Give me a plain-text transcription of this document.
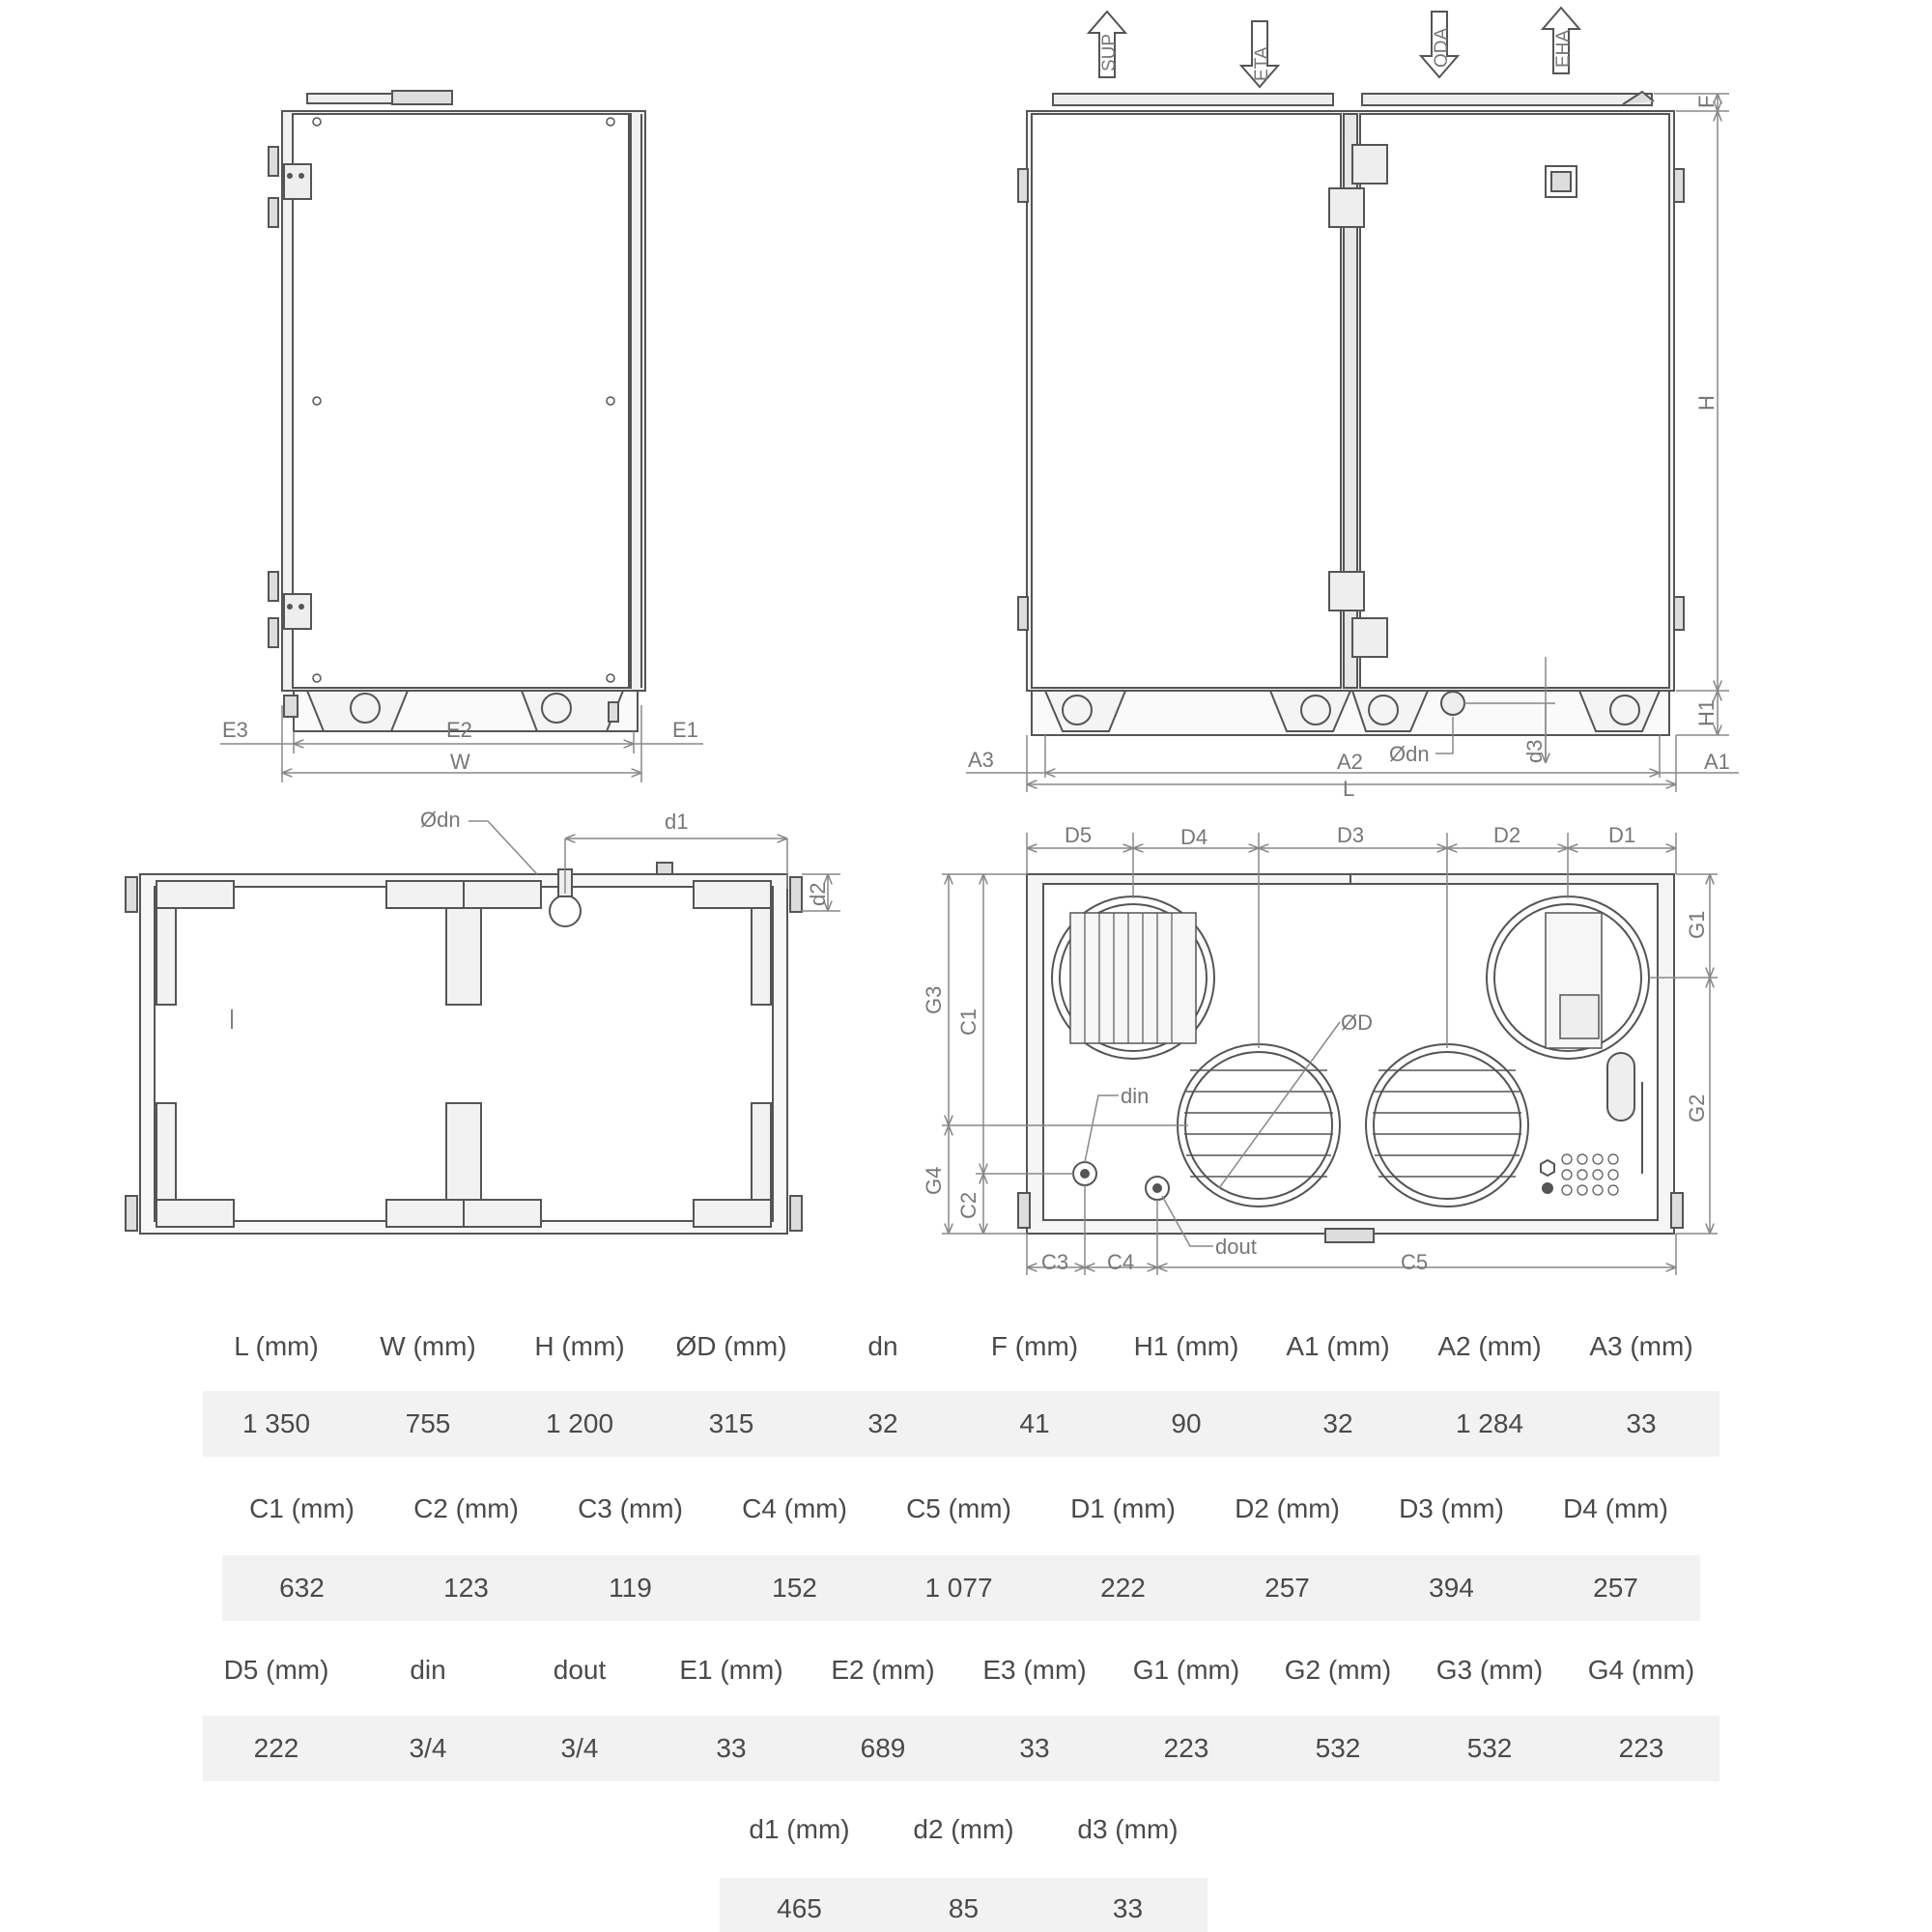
E3	E2	E1
W
SUP	ETA	ODA	EHA
F
H
H1
A3	A2	A1
L
Ødn	d3
Ødn	d1
d2
D5	D4	D3	D2	D1
G3
C1
G4
C2
G1
G2
ØD
din
dout
C3 C4	C5
L (mm)	W (mm)	H (mm)	ØD (mm)	dn	F (mm)	H1 (mm)	A1 (mm)	A2 (mm)	A3 (mm)
1 350	755	1 200	315	32	41	90	32	1 284	33
C1 (mm)	C2 (mm)	C3 (mm)	C4 (mm)	C5 (mm)	D1 (mm)	D2 (mm)	D3 (mm)	D4 (mm)
632	123	119	152	1 077	222	257	394	257
D5 (mm)	din	dout	E1 (mm)	E2 (mm)	E3 (mm)	G1 (mm)	G2 (mm)	G3 (mm)	G4 (mm)
222	3/4	3/4	33	689	33	223	532	532	223
d1 (mm)	d2 (mm)	d3 (mm)
465	85	33
